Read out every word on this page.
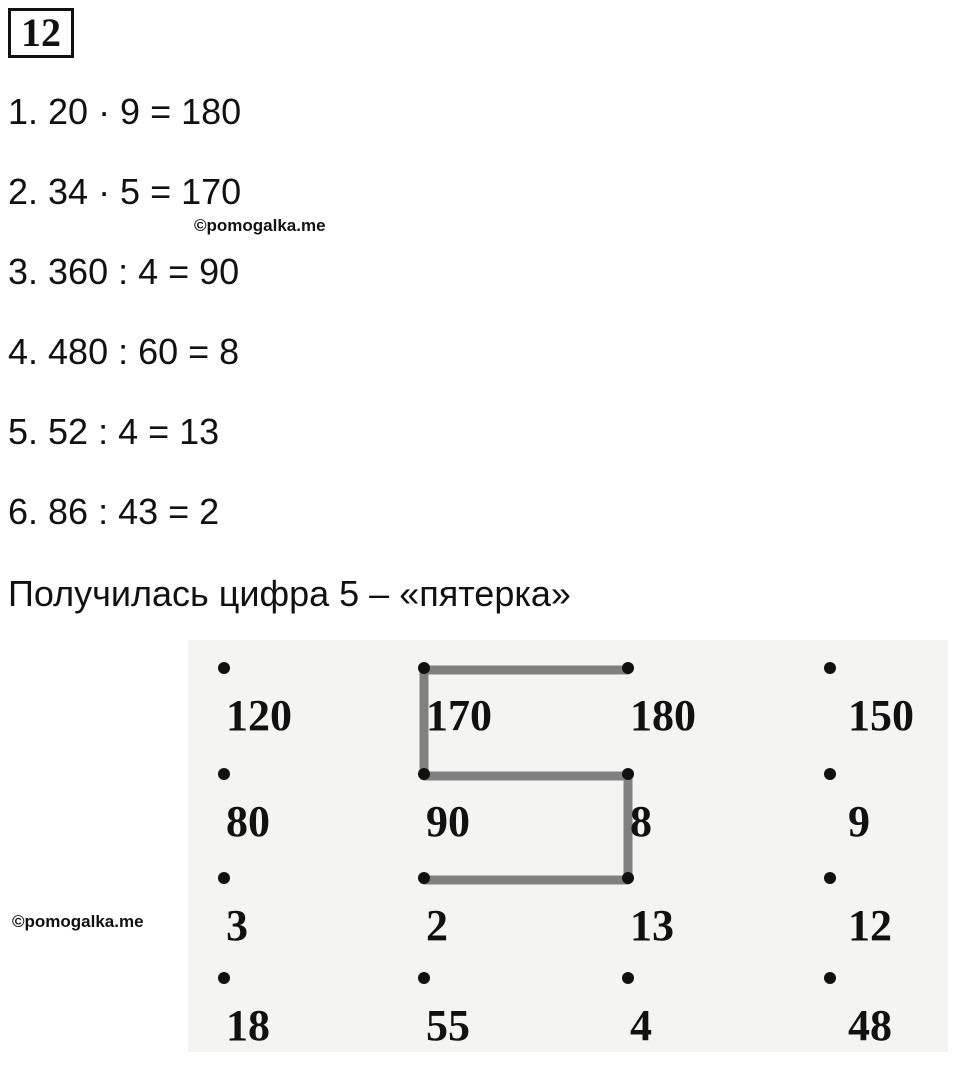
12
1. 20 · 9 = 180
2. 34 · 5 = 170
©pomogalka.me
3. 360 : 4 = 90
4. 480 : 60 = 8
5. 52 : 4 = 13
6. 86 : 43 = 2
Получилась цифра 5 – «пятерка»
©pomogalka.me
120	170	180	150
80	90	8	9
3	2	13	12
18	55	4	48
